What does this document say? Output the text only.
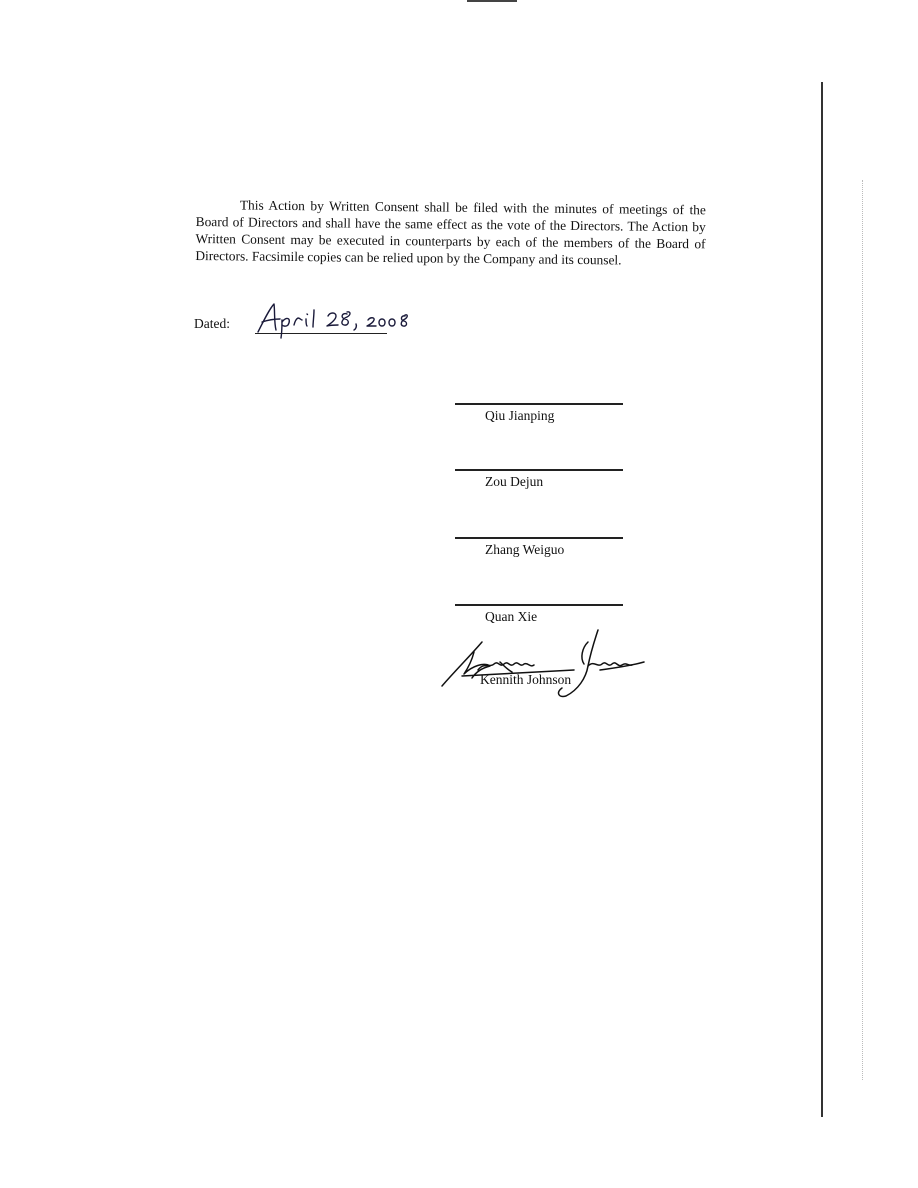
This Action by Written Consent shall be filed with the minutes of meetings of the Board of Directors and shall have the same effect as the vote of the Directors. The Action by Written Consent may be executed in counterparts by each of the members of the Board of Directors. Facsimile copies can be relied upon by the Company and its counsel.

Dated:
Qiu Jianping
Zou Dejun
Zhang Weiguo
Quan Xie
Kennith Johnson
